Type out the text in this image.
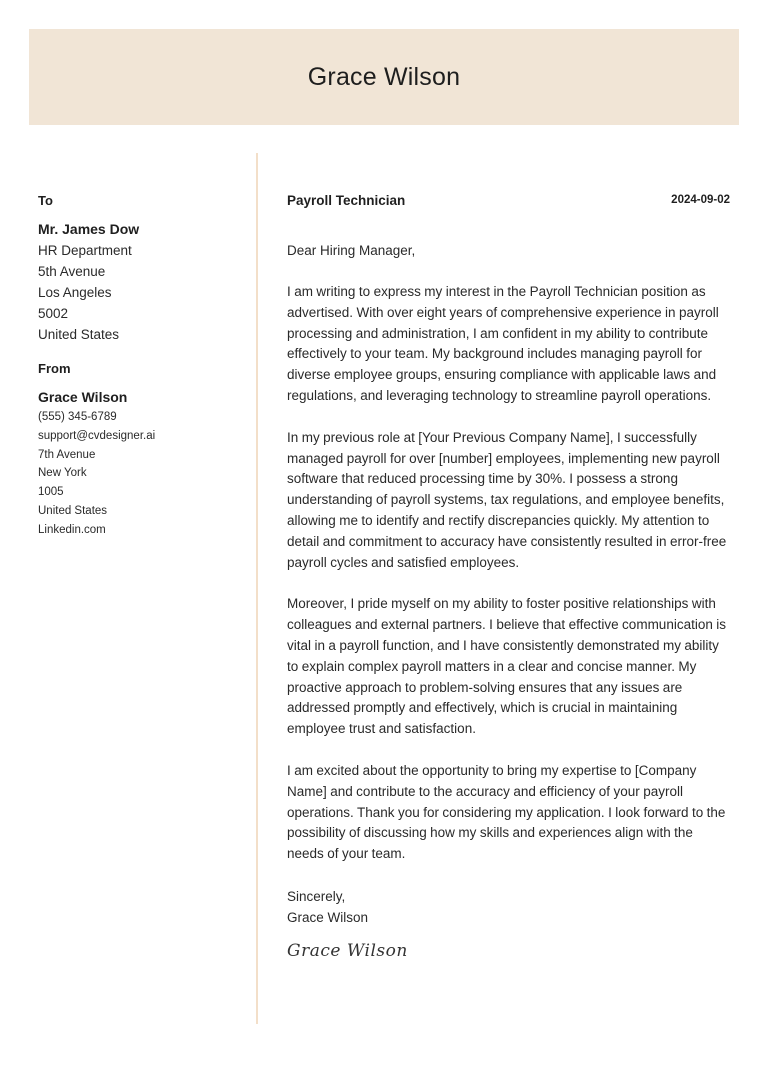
Grace Wilson
To
Mr. James Dow
HR Department
5th Avenue
Los Angeles
5002
United States
From
Grace Wilson
(555) 345-6789
support@cvdesigner.ai
7th Avenue
New York
1005
United States
Linkedin.com
Payroll Technician	2024-09-02
Dear Hiring Manager,
I am writing to express my interest in the Payroll Technician position as advertised. With over eight years of comprehensive experience in payroll processing and administration, I am confident in my ability to contribute effectively to your team. My background includes managing payroll for diverse employee groups, ensuring compliance with applicable laws and regulations, and leveraging technology to streamline payroll operations.
In my previous role at [Your Previous Company Name], I successfully managed payroll for over [number] employees, implementing new payroll software that reduced processing time by 30%. I possess a strong understanding of payroll systems, tax regulations, and employee benefits, allowing me to identify and rectify discrepancies quickly. My attention to detail and commitment to accuracy have consistently resulted in error-free payroll cycles and satisfied employees.
Moreover, I pride myself on my ability to foster positive relationships with colleagues and external partners. I believe that effective communication is vital in a payroll function, and I have consistently demonstrated my ability to explain complex payroll matters in a clear and concise manner. My proactive approach to problem-solving ensures that any issues are addressed promptly and effectively, which is crucial in maintaining employee trust and satisfaction.
I am excited about the opportunity to bring my expertise to [Company Name] and contribute to the accuracy and efficiency of your payroll operations. Thank you for considering my application. I look forward to the possibility of discussing how my skills and experiences align with the needs of your team.
Sincerely,
Grace Wilson
Grace Wilson
